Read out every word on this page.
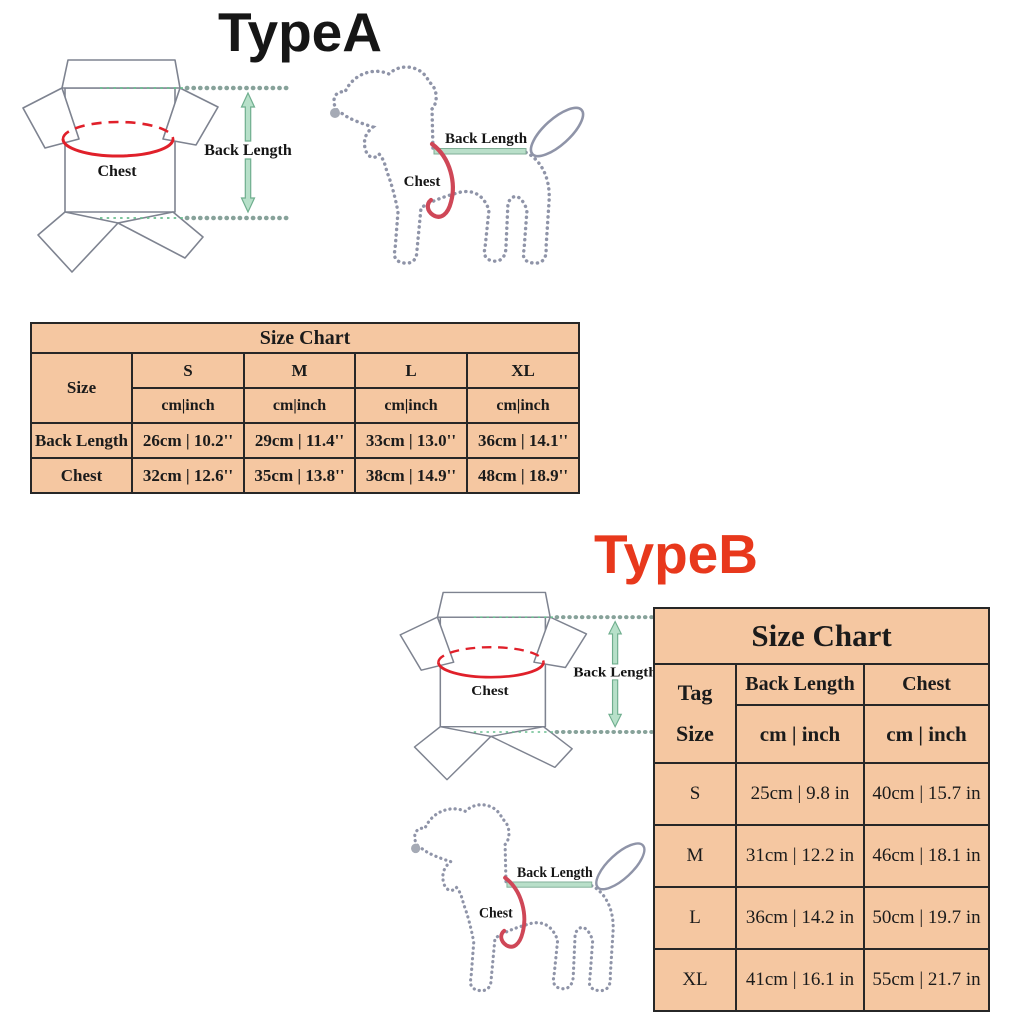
TypeA
Size Chart				
Size	S	M	L	XL
	cm|inch	cm|inch	cm|inch	cm|inch
Back Length	26cm | 10.2''	29cm | 11.4''	33cm | 13.0''	36cm | 14.1''
Chest	32cm | 12.6''	35cm | 13.8''	38cm | 14.9''	48cm | 18.9''
TypeB
Size Chart		

Tag
Size	Back Length	Chest
	cm | inch	cm | inch
S	25cm | 9.8 in	40cm | 15.7 in
M	31cm | 12.2 in	46cm | 18.1 in
L	36cm | 14.2 in	50cm | 19.7 in
XL	41cm | 16.1 in	55cm | 21.7 in
